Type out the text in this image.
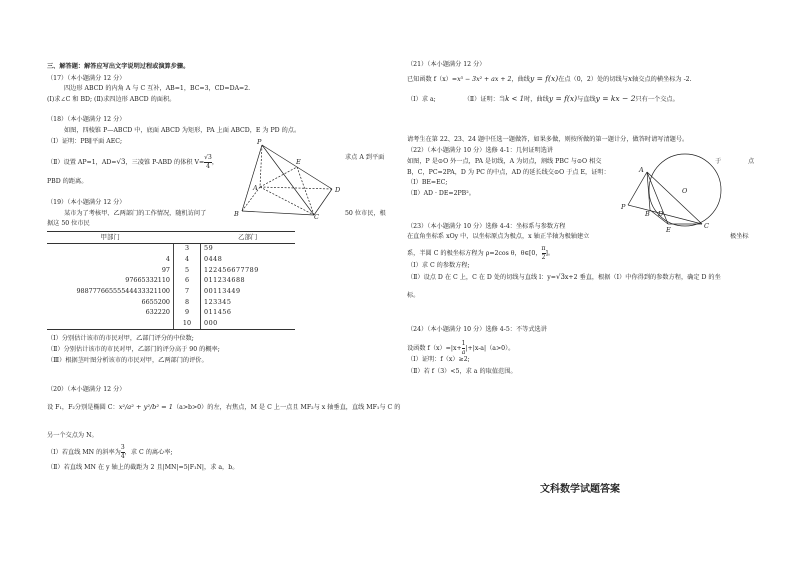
三、解答题：解答应写出文字说明过程或演算步骤。
（17）（本小题满分 12 分）
四边形 ABCD 的内角 A 与 C 互补，AB=1，BC=3，CD=DA=2.
(Ⅰ)求∠C 和 BD; (Ⅱ)求四边形 ABCD 的面积。
（18）（本小题满分 12 分）
如图，四棱锥 P—ABCD 中，底面 ABCD 为矩形，PA 上面 ABCD，E 为 PD 的点。
（Ⅰ）证明：PB∥平面 AEC;
（Ⅱ）设置 AP=1，AD=√3，三凌锥 P-ABD 的体积 $V= \frac{√3}{4}$ ，
求点 A 到平面
PBD 的距离。
P
E
A	D
B	C
（19）（本小题满分 12 分）
某市为了考核甲、乙两部门的工作情况，随机访问了	50 位市民，根
据这 50 位市民
甲部门		乙部门
	3	59
4	4	0448
97	5	122456677789
97665332110	6	011234688
98877766555544433321100	7	00113449
6655200	8	123345
632220	9	011456
	10	000
（Ⅰ）分别估计该市的市民对甲，乙部门评分的中位数;
（Ⅱ）分别估计该市的市民对甲，乙部门的评分高于 90 的概率;
（Ⅲ）根据茎叶图分析该市的市民对甲，乙两部门的评价。
（20）（本小题满分 12 分）
设 F₁，F₂分别是椭圆 C：x²/a² + y²/b² = 1（a>b>0）的左，右焦点，M 是 C 上一点且 MF₂与 x 轴垂直，直线 MF₁与 C 的
另一个交点为 N。
（Ⅰ）若直线 MN 的斜率为 $\frac{3}{4}$ ，求 C 的离心率;
（Ⅱ）若直线 MN 在 y 轴上的截距为 2 且|MN|=5|F₁N|，求 a，b。
（21）（本小题满分 12 分）
已知函数 f（x）=x³ − 3x² + ax + 2，曲线y = f(x)在点（0，2）处的切线与x轴交点的横坐标为 -2.
（Ⅰ）求 a;	（Ⅱ）证明：当k < 1时，曲线y = f(x)与直线y = kx − 2只有一个交点。
请考生在第 22、23、24 题中任选一题做答，如果多做，则按所做的第一题计分，做答时请写清题号。
（22）（本小题满分 10 分）选修 4-1：几何证明选讲
如图，P 是⊙O 外一点，PA 是切线，A 为切点，割线 PBC 与⊙O 相交	于	点
B，C，PC=2PA，D 为 PC 的中点，AD 的延长线交⊙O 于点 E，证明：
（Ⅰ）BE=EC;
（Ⅱ）AD · DE=2PB²。
A
O
P
B D
C
E
（23）（本小题满分 10 分）选修 4-4：坐标系与参数方程
在直角坐标系 xOy 中，以坐标原点为极点，x 轴正半轴为极轴建立	极坐标
系，半圆 C 的极坐标方程为 ρ=2cos θ，θ∈[0， $\frac{\pi}{2}$ ]。
（Ⅰ）求 C 的参数方程;
（Ⅱ）设点 D 在 C 上，C 在 D 处的切线与直线 l：y=√3x+2 垂直，根据（Ⅰ）中你得到的参数方程，确定 D 的坐
标。
（24）（本小题满分 10 分）选修 4-5：不等式选讲
设函数 $f(x)=|x+ \frac{1}{a} |+|x-a|(a>0)$。
（Ⅰ）证明：f（x）≥2;
（Ⅱ）若 f（3）<5，求 a 的取值范围。
文科数学试题答案
